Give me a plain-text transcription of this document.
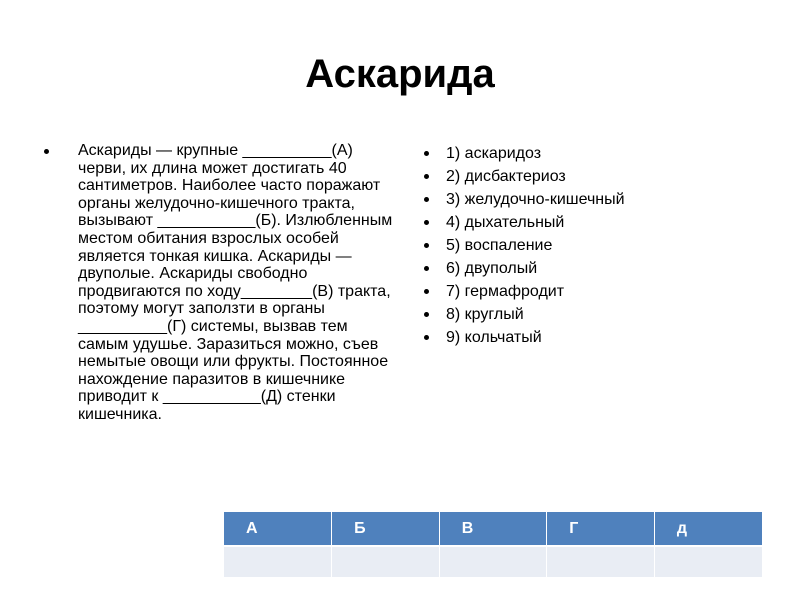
Аскарида

Аскариды — крупные __________(А) черви, их длина может достигать 40 сантиметров. Наиболее часто поражают органы желудочно-кишечного тракта, вызывают ___________(Б). Излюбленным местом обитания взрослых особей является тонкая кишка. Аскариды — двуполые. Аскариды свободно продвигаются по ходу________(В) тракта, поэтому могут заползти в органы __________(Г) системы, вызвав тем самым удушье. Заразиться можно, съев немытые овощи или фрукты. Постоянное нахождение паразитов в кишечнике приводит к ___________(Д) стенки кишечника.

1) аскаридоз
2) дисбактериоз
3) желудочно-кишечный
4) дыхательный
5) воспаление
6) двуполый
7) гермафродит
8) круглый
9) кольчатый
А	Б	В	Г	д
